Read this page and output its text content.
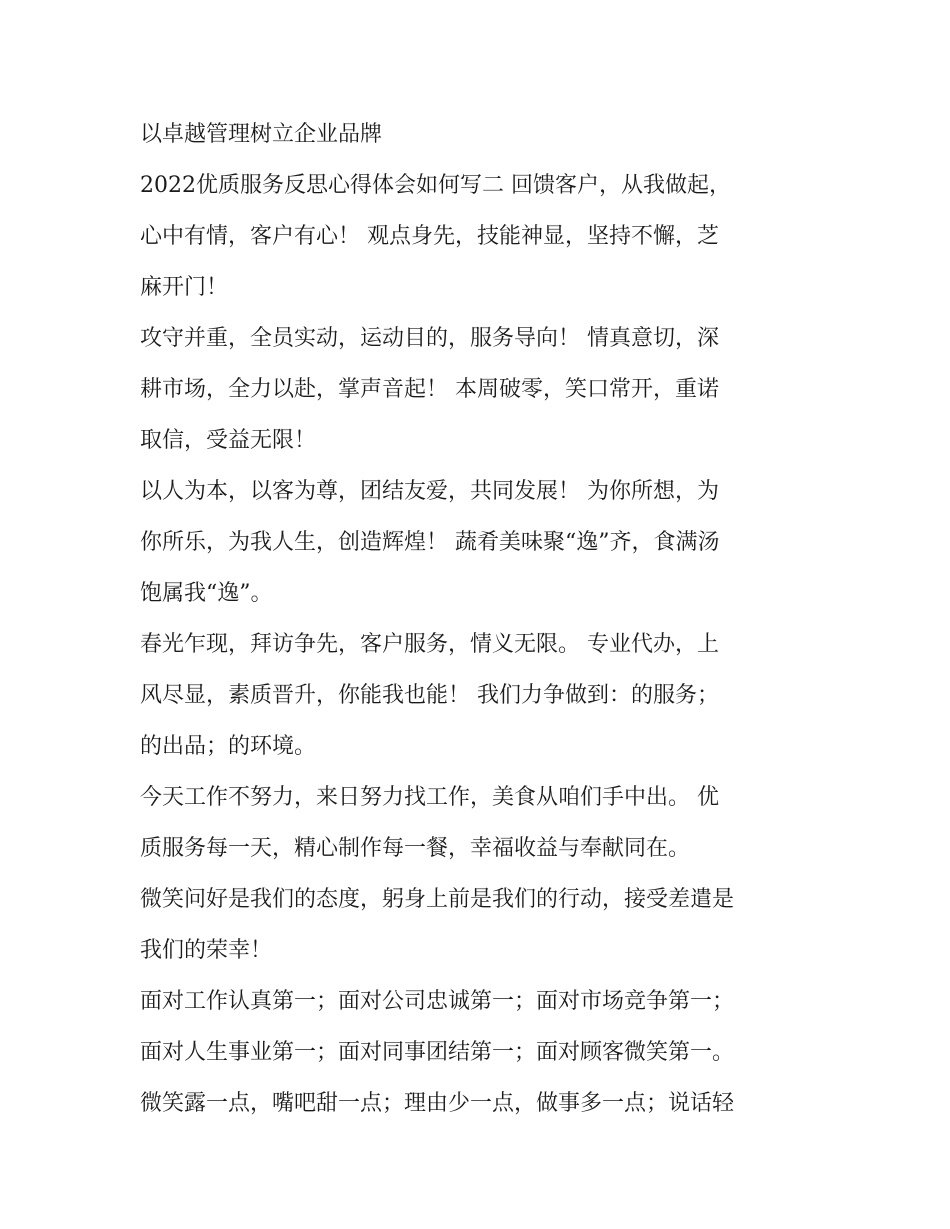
以卓越管理树立企业品牌
2022优质服务反思心得体会如何写二 回馈客户，从我做起，
心中有情，客户有心！ 观点身先，技能神显，坚持不懈，芝
麻开门！
攻守并重，全员实动，运动目的，服务导向！ 情真意切，深
耕市场，全力以赴，掌声音起！ 本周破零，笑口常开，重诺
取信，受益无限！
以人为本，以客为尊，团结友爱，共同发展！ 为你所想，为
你所乐，为我人生，创造辉煌！ 蔬肴美味聚“逸”齐，食满汤
饱属我“逸”。
春光乍现，拜访争先，客户服务，情义无限。 专业代办，上
风尽显，素质晋升，你能我也能！ 我们力争做到：的服务；
的出品；的环境。
今天工作不努力，来日努力找工作，美食从咱们手中出。 优
质服务每一天，精心制作每一餐，幸福收益与奉献同在。
微笑问好是我们的态度，躬身上前是我们的行动，接受差遣是
我们的荣幸！
面对工作认真第一；面对公司忠诚第一；面对市场竞争第一；
面对人生事业第一；面对同事团结第一；面对顾客微笑第一。
微笑露一点，嘴吧甜一点；理由少一点，做事多一点；说话轻
